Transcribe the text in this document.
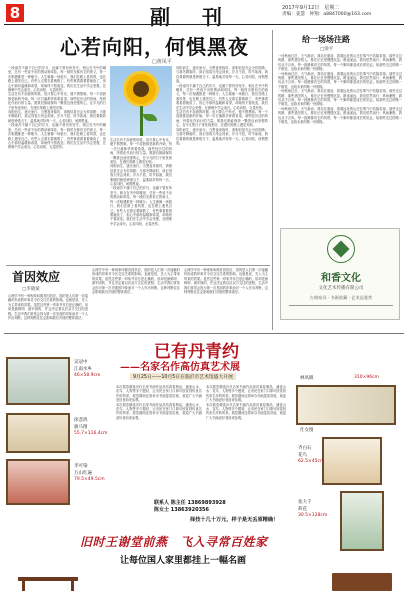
8	副　刊	2017年9月12日　星期二
责编：姜慧　钟翔：a8847000@163.com
心若向阳，何惧黑夜
□黄凤平

一段南苏不属于自己的岁月，也属于曾有所坚守。相互在书中的哪里，总有一些说不出的感动和牵挂。每一段时光都有它的意义，每一次相遇都是一种缘分。人生就像一场旅行，我们在路上看风景，也在路上遇见自己。有些人走着走着就散了，有些事看着看着就淡了，但心中那份温暖和希望，却始终不曾改变。我们在生活中学会坚强，在困难中学会成长。心若向阳，无畏悲伤。

生活总有不如意的时候，但只要心中有光，便不惧黑暗。每一个清晨都是新的开始，每一次日落都孕育着希望。那些经历过的风雨，终将化作前行的力量。愿我们都能保持一颗善良而坚强的心，在平凡的日子里发现美好，在漫长的路上遇见光明。

向阳而生，逐光而行。当黑夜来临时，请相信星光会为你指路；当寒冬降临时，请记得春天终会到来。岁月不居，时节如流，我们要做的就是珍惜当下，温柔地对待每一天。心若向阳，何惧黑夜。

一段南苏不属于自己的岁月，也属于曾有所坚守。相互在书中的哪里，总有一些说不出的感动和牵挂。每一段时光都有它的意义，每一次相遇都是一种缘分。人生就像一场旅行，我们在路上看风景，也在路上遇见自己。有些人走着走着就散了，有些事看着看着就淡了，但心中那份温暖和希望，却始终不曾改变。我们在生活中学会坚强，在困难中学会成长。心若向阳，无畏悲伤。

生活总有不如意的时候，但只要心中有光，便不惧黑暗。每一个清晨都是新的开始，每一次日落都孕育着希望。那些经历过的风雨，终将化作前行的力量。愿我们都能保持一颗善良而坚强的心，在平凡的日子里发现美好，在漫长的路上遇见光明。

向阳而生，逐光而行。当黑夜来临时，请相信星光会为你指路；当寒冬降临时，请记得春天终会到来。岁月不居，时节如流，我们要做的就是珍惜当下，温柔地对待每一天。心若向阳，何惧黑夜。

一段南苏不属于自己的岁月，也属于曾有所坚守。相互在书中的哪里，总有一些说不出的感动和牵挂。每一段时光都有它的意义，每一次相遇都是一种缘分。人生就像一场旅行，我们在路上看风景，也在路上遇见自己。有些人走着走着就散了，有些事看着看着就淡了，但心中那份温暖和希望，却始终不曾改变。我们在生活中学会坚强，在困难中学会成长。心若向阳，无畏悲伤。

向阳而生，逐光而行。当黑夜来临时，请相信星光会为你指路；当寒冬降临时，请记得春天终会到来。岁月不居，时节如流，我们要做的就是珍惜当下，温柔地对待每一天。心若向阳，何惧黑夜。

一段南苏不属于自己的岁月，也属于曾有所坚守。相互在书中的哪里，总有一些说不出的感动和牵挂。每一段时光都有它的意义，每一次相遇都是一种缘分。人生就像一场旅行，我们在路上看风景，也在路上遇见自己。有些人走着走着就散了，有些事看着看着就淡了，但心中那份温暖和希望，却始终不曾改变。我们在生活中学会坚强，在困难中学会成长。心若向阳，无畏悲伤。

生活总有不如意的时候，但只要心中有光，便不惧黑暗。每一个清晨都是新的开始，每一次日落都孕育着希望。那些经历过的风雨，终将化作前行的力量。愿我们都能保持一颗善良而坚强的心，在平凡的日子里发现美好，在漫长的路上遇见光明。

向阳而生，逐光而行。当黑夜来临时，请相信星光会为你指路；当寒冬降临时，请记得春天终会到来。岁月不居，时节如流，我们要做的就是珍惜当下，温柔地对待每一天。心若向阳，何惧黑夜。

给一场场注路
□梁平

一场秋雨过后，天气渐凉。我站在窗前，看着远处的山峦在雾气中若隐若现。那些走过的路，那些遇见的人，都在记忆里慢慢沉淀。路途遥远，我们依然前行；风雨兼程，我们从不言弃。每一段路都有它的风景，每一个脚印都是成长的见证。给那些走过的路一个微笑，也给未来的路一份期待。

一场秋雨过后，天气渐凉。我站在窗前，看着远处的山峦在雾气中若隐若现。那些走过的路，那些遇见的人，都在记忆里慢慢沉淀。路途遥远，我们依然前行；风雨兼程，我们从不言弃。每一段路都有它的风景，每一个脚印都是成长的见证。给那些走过的路一个微笑，也给未来的路一份期待。

一场秋雨过后，天气渐凉。我站在窗前，看着远处的山峦在雾气中若隐若现。那些走过的路，那些遇见的人，都在记忆里慢慢沉淀。路途遥远，我们依然前行；风雨兼程，我们从不言弃。每一段路都有它的风景，每一个脚印都是成长的见证。给那些走过的路一个微笑，也给未来的路一份期待。

一场秋雨过后，天气渐凉。我站在窗前，看着远处的山峦在雾气中若隐若现。那些走过的路，那些遇见的人，都在记忆里慢慢沉淀。路途遥远，我们依然前行；风雨兼程，我们从不言弃。每一段路都有它的风景，每一个脚印都是成长的见证。给那些走过的路一个微笑，也给未来的路一份期待。

和香文化
文化艺术传播有限公司
古典家具 · 书画收藏 · 艺术品鉴赏
首因效应
□李晓斌

心理学中有一种现象叫做首因效应，指的是人们第一次接触时形成的印象对今后交往关系的影响。也就是说，先入为主带来的效果。虽然这些第一印象并非总是正确的，但却是最鲜明、最牢固的，并且决定着以后双方交往的进程。生活中我们常常会因为第一次见面的印象而对一个人作出判断，这种判断往往会影响我们对他的整体看法。

心理学中有一种现象叫做首因效应，指的是人们第一次接触时形成的印象对今后交往关系的影响。也就是说，先入为主带来的效果。虽然这些第一印象并非总是正确的，但却是最鲜明、最牢固的，并且决定着以后双方交往的进程。生活中我们常常会因为第一次见面的印象而对一个人作出判断，这种判断往往会影响我们对他的整体看法。

心理学中有一种现象叫做首因效应，指的是人们第一次接触时形成的印象对今后交往关系的影响。也就是说，先入为主带来的效果。虽然这些第一印象并非总是正确的，但却是最鲜明、最牢固的，并且决定着以后双方交往的进程。生活中我们常常会因为第一次见面的印象而对一个人作出判断，这种判断往往会影响我们对他的整体看法。

已有丹青约
——名家名作高仿真艺术展
9月25日——10月5日在临沂市艺术馆盛大开展
吴冠中
江南水乡
46×58.9cm
徐悲鸿
骏马图
55.7×116.4cm
李可染
万山红遍
79.5×49.5cm

本次展览精选历代名家书画作品高仿真复制品，涵盖山水、花鸟、人物等多个题材，让市民在家门口即可欣赏到传世名作的风采。展览期间还将举办书画鉴赏讲座，欢迎广大书画爱好者前来参观。

本次展览精选历代名家书画作品高仿真复制品，涵盖山水、花鸟、人物等多个题材，让市民在家门口即可欣赏到传世名作的风采。展览期间还将举办书画鉴赏讲座，欢迎广大书画爱好者前来参观。

本次展览精选历代名家书画作品高仿真复制品，涵盖山水、花鸟、人物等多个题材，让市民在家门口即可欣赏到传世名作的风采。展览期间还将举办书画鉴赏讲座，欢迎广大书画爱好者前来参观。

本次展览精选历代名家书画作品高仿真复制品，涵盖山水、花鸟、人物等多个题材，让市民在家门口即可欣赏到传世名作的风采。展览期间还将举办书画鉴赏讲座，欢迎广大书画爱好者前来参观。

联系人 陈主任 13869893928
陈女士 13863920356
择技十几十万元，样子是无丢原精确！
林风眠	310×96cm
仕女图
齐白石
花鸟
62.5×45cm
张大千
荷花
30.5×128cm
旧时王谢堂前燕　飞入寻常百姓家
让每位国人家里都挂上一幅名画
